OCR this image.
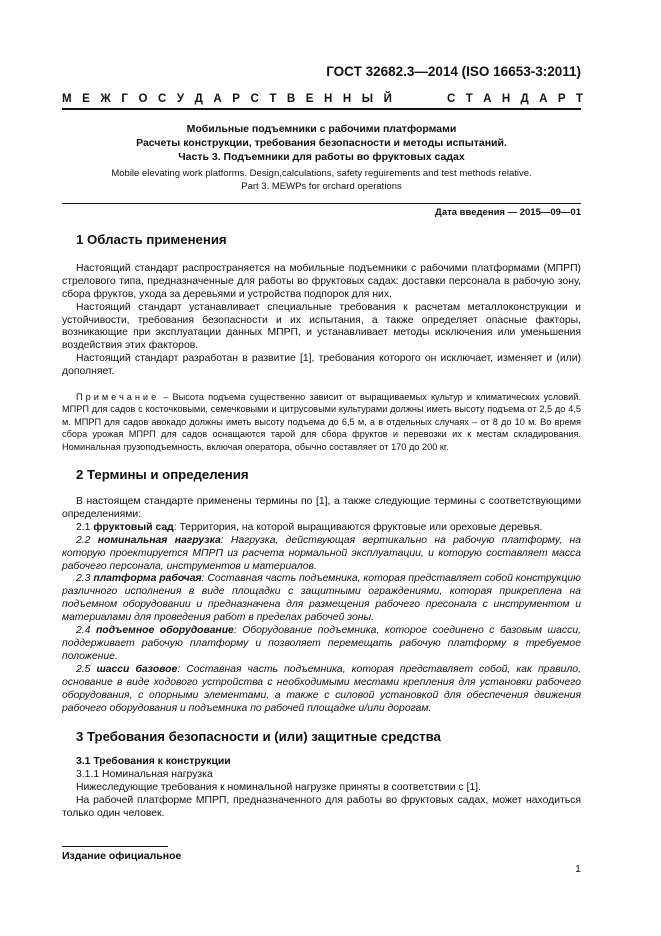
ГОСТ 32682.3—2014 (ISO 16653-3:2011)
М Е Ж Г О С У Д А Р С Т В Е Н Н Ы Й	С Т А Н Д А Р Т
Мобильные подъемники с рабочими платформами
Расчеты конструкции, требования безопасности и методы испытаний.
Часть 3. Подъемники для работы во фруктовых садах
Mobile elevating work platforms. Design,calculations, safety reguirements and test methods relative.
Part 3. MEWPs for orchard operations
Дата введения — 2015—09—01
1 Область применения

Настоящий стандарт распространяется на мобильные подъемники с рабочими платформами (МПРП) стрелового типа, предназначенные для работы во фруктовых садах: доставки персонала в рабочую зону, сбора фруктов, ухода за деревьями и устройства подпорок для них.

Настоящий стандарт устанавливает специальные требования к расчетам металлоконструкции и устойчивости, требования безопасности и их испытания, а также определяет опасные факторы, возникающие при эксплуатации данных МПРП, и устанавливает методы исключения или уменьшения воздействия этих факторов.

Настоящий стандарт разработан в развитие [1], требования которого он исключает, изменяет и (или) дополняет.

Примечание – Высота подъема существенно зависит от выращиваемых культур и климатических условий. МПРП для садов с косточковыми, семечковыми и цитрусовыми культурами должны иметь высоту подъема от 2,5 до 4,5 м. МПРП для садов авокадо должны иметь высоту подъема до 6,5 м, а в отдельных случаях – от 8 до 10 м. Во время сбора урожая МПРП для садов оснащаются тарой для сбора фруктов и перевозки их к местам складирования. Номинальная грузоподъемность, включая оператора, обычно составляет от 170 до 200 кг.

2 Термины и определения

В настоящем стандарте применены термины по [1], а также следующие термины с соответствующими определениями:

2.1 фруктовый сад: Территория, на которой выращиваются фруктовые или ореховые деревья.

2.2 номинальная нагрузка: Нагрузка, действующая вертикально на рабочую платформу, на которую проектируется МПРП из расчета нормальной эксплуатации, и которую составляет масса рабочего персонала, инструментов и материалов.

2.3 платформа рабочая: Составная часть подъемника, которая представляет собой конструкцию различного исполнения в виде площадки с защитными ограждениями, которая прикреплена на подъемном оборудовании и предназначена для размещения рабочего пресонала с инструментом и материалами для проведения работ в пределах рабочей зоны.

2.4 подъемное оборудование: Оборудование подъемника, которое соединено с базовым шасси, поддерживает рабочую платформу и позволяет перемещать рабочую платформу в требуемое положение.

2.5 шасси базовое: Составная часть подъемника, которая представляет собой, как правило, основание в виде ходового устройства с необходимыми местами крепления для установки рабочего оборудования, с опорными элементами, а также с силовой установкой для обеспечения движения рабочего оборудования и подъемника по рабочей площадке и/или дорогам.

3 Требования безопасности и (или) защитные средства

3.1 Требования к конструкции

3.1.1 Номинальная нагрузка

Нижеследующие требования к номинальной нагрузке приняты в соответствии с [1].

На рабочей платформе МПРП, предназначенного для работы во фруктовых садах, может находиться только один человек.

Издание официальное
1
